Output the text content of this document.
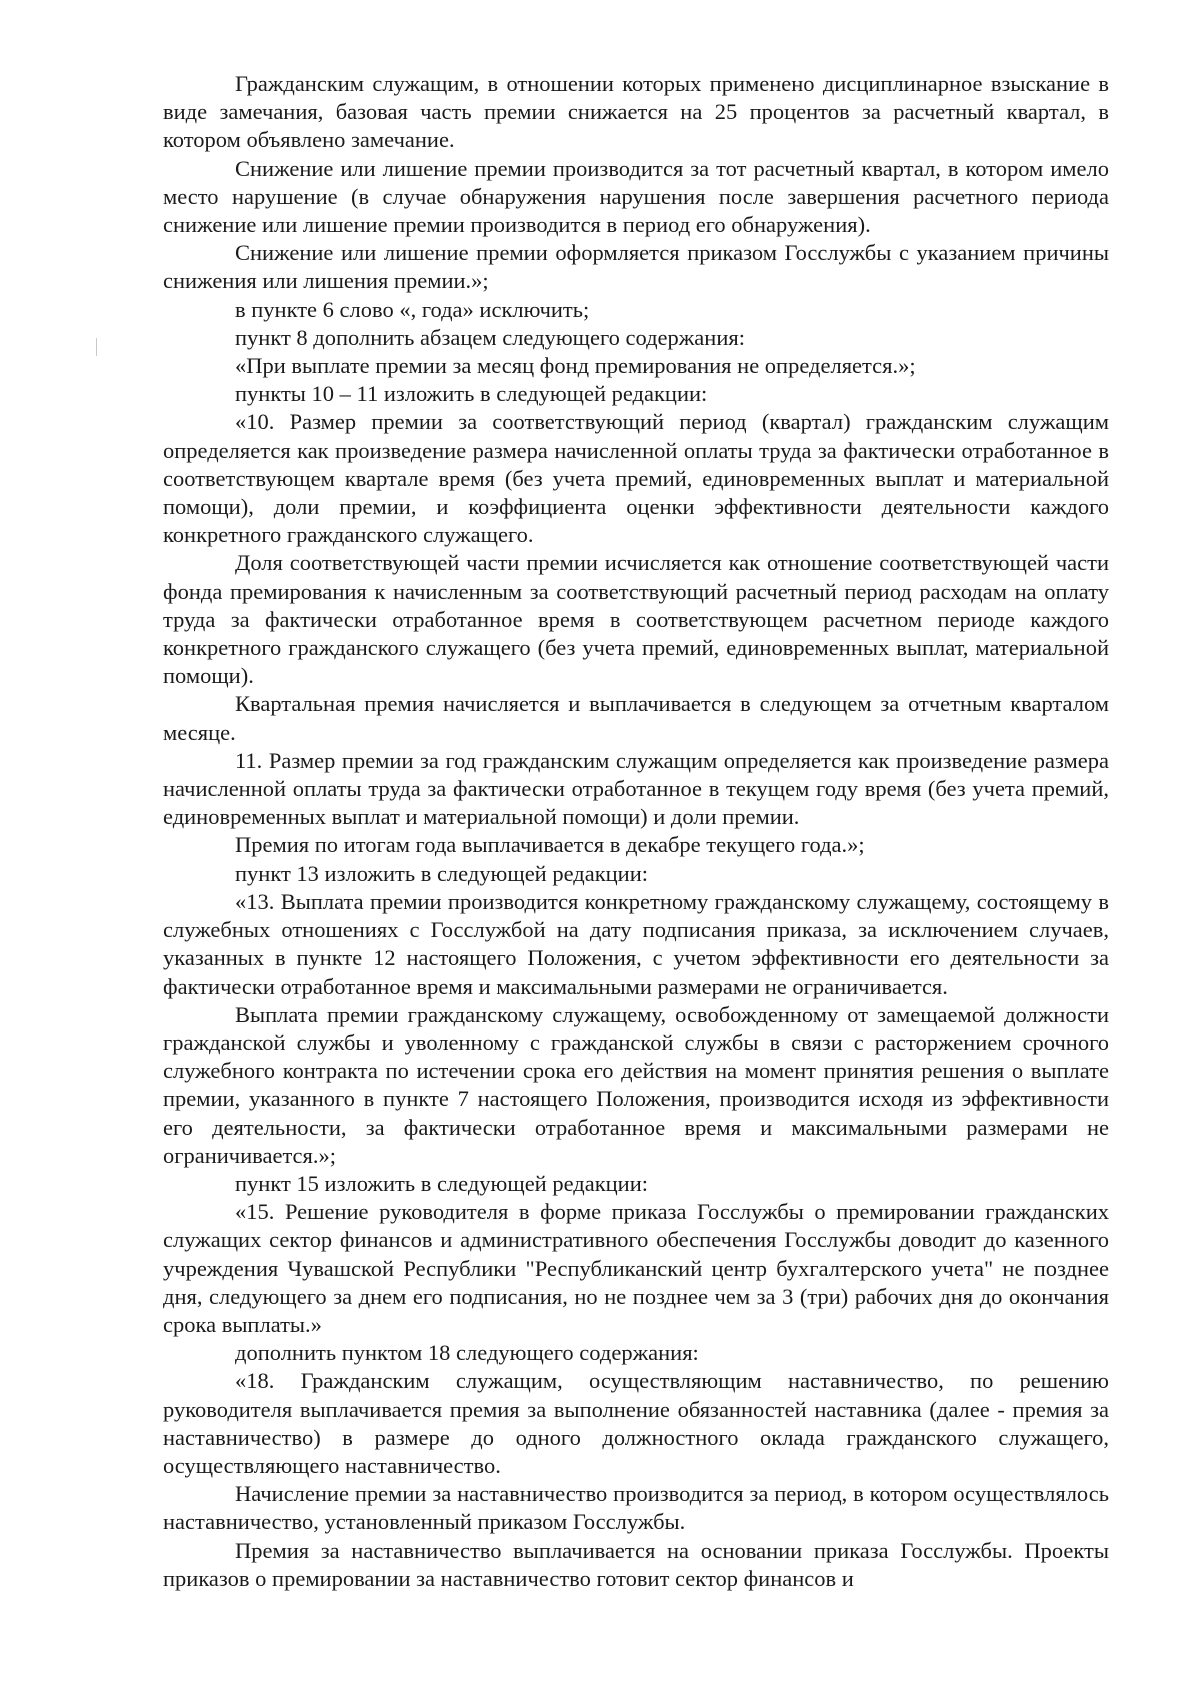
Гражданским служащим, в отношении которых применено дисциплинарное взыскание в виде замечания, базовая часть премии снижается на 25 процентов за расчетный квартал, в котором объявлено замечание.

Снижение или лишение премии производится за тот расчетный квартал, в котором имело место нарушение (в случае обнаружения нарушения после завершения расчетного периода снижение или лишение премии производится в период его обнаружения).

Снижение или лишение премии оформляется приказом Госслужбы с указанием причины снижения или лишения премии.»;

в пункте 6 слово «, года» исключить;

пункт 8 дополнить абзацем следующего содержания:

«При выплате премии за месяц фонд премирования не определяется.»;

пункты 10 – 11 изложить в следующей редакции:

«10. Размер премии за соответствующий период (квартал) гражданским служащим определяется как произведение размера начисленной оплаты труда за фактически отработанное в соответствующем квартале время (без учета премий, единовременных выплат и материальной помощи), доли премии, и коэффициента оценки эффективности деятельности каждого конкретного гражданского служащего.

Доля соответствующей части премии исчисляется как отношение соответствующей части фонда премирования к начисленным за соответствующий расчетный период расходам на оплату труда за фактически отработанное время в соответствующем расчетном периоде каждого конкретного гражданского служащего (без учета премий, единовременных выплат, материальной помощи).

Квартальная премия начисляется и выплачивается в следующем за отчетным кварталом месяце.

11. Размер премии за год гражданским служащим определяется как произведение размера начисленной оплаты труда за фактически отработанное в текущем году время (без учета премий, единовременных выплат и материальной помощи) и доли премии.

Премия по итогам года выплачивается в декабре текущего года.»;

пункт 13 изложить в следующей редакции:

«13. Выплата премии производится конкретному гражданскому служащему, состоящему в служебных отношениях с Госслужбой на дату подписания приказа, за исключением случаев, указанных в пункте 12 настоящего Положения, с учетом эффективности его деятельности за фактически отработанное время и максимальными размерами не ограничивается.

Выплата премии гражданскому служащему, освобожденному от замещаемой должности гражданской службы и уволенному с гражданской службы в связи с расторжением срочного служебного контракта по истечении срока его действия на момент принятия решения о выплате премии, указанного в пункте 7 настоящего Положения, производится исходя из эффективности его деятельности, за фактически отработанное время и максимальными размерами не ограничивается.»;

пункт 15 изложить в следующей редакции:

«15. Решение руководителя в форме приказа Госслужбы о премировании гражданских служащих сектор финансов и административного обеспечения Госслужбы доводит до казенного учреждения Чувашской Республики "Республиканский центр бухгалтерского учета" не позднее дня, следующего за днем его подписания, но не позднее чем за 3 (три) рабочих дня до окончания срока выплаты.»

дополнить пунктом 18 следующего содержания:

«18. Гражданским служащим, осуществляющим наставничество, по решению руководителя выплачивается премия за выполнение обязанностей наставника (далее - премия за наставничество) в размере до одного должностного оклада гражданского служащего, осуществляющего наставничество.

Начисление премии за наставничество производится за период, в котором осуществлялось наставничество, установленный приказом Госслужбы.

Премия за наставничество выплачивается на основании приказа Госслужбы. Проекты приказов о премировании за наставничество готовит сектор финансов и
